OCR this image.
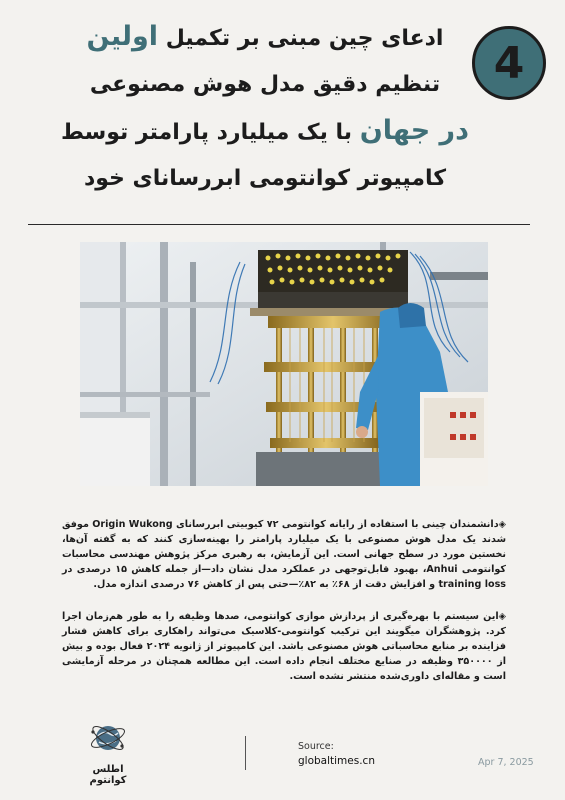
ادعای چین مبنی بر تکمیل اولین
تنظیم دقیق مدل هوش مصنوعی
در جهان با یک میلیارد پارامتر توسط
کامپیوتر کوانتومی ابررسانای خود
4

◈دانشمندان چینی با استفاده از رایانه کوانتومی ۷۲ کیوبیتی ابررسانای Origin Wukong موفق شدند یک مدل هوش مصنوعی با یک میلیارد پارامتر را بهینه‌سازی کنند که به گفته آن‌ها، نخستین مورد در سطح جهانی است. این آزمایش، به رهبری مرکز پژوهش مهندسی محاسبات کوانتومی Anhui، بهبود قابل‌توجهی در عملکرد مدل نشان داد—از جمله کاهش ۱۵ درصدی در training loss و افزایش دقت از ۶۸٪ به ۸۲٪—حتی پس از کاهش ۷۶ درصدی اندازه مدل.

◈این سیستم با بهره‌گیری از پردازش موازی کوانتومی، صدها وظیفه را به طور هم‌زمان اجرا کرد. پژوهشگران میگویند این ترکیب کوانتومی-کلاسیک می‌تواند راهکاری برای کاهش فشار فزاینده بر منابع محاسباتی هوش مصنوعی باشد. این کامپیوتر از ژانویه ۲۰۲۴ فعال بوده و بیش از ۳۵۰۰۰۰ وظیفه در صنایع مختلف انجام داده است. این مطالعه همچنان در مرحله آزمایشی است و مقاله‌ای داوری‌شده منتشر نشده است.

اطلس کوانتوم
Source:
globaltimes.cn	Apr 7, 2025
